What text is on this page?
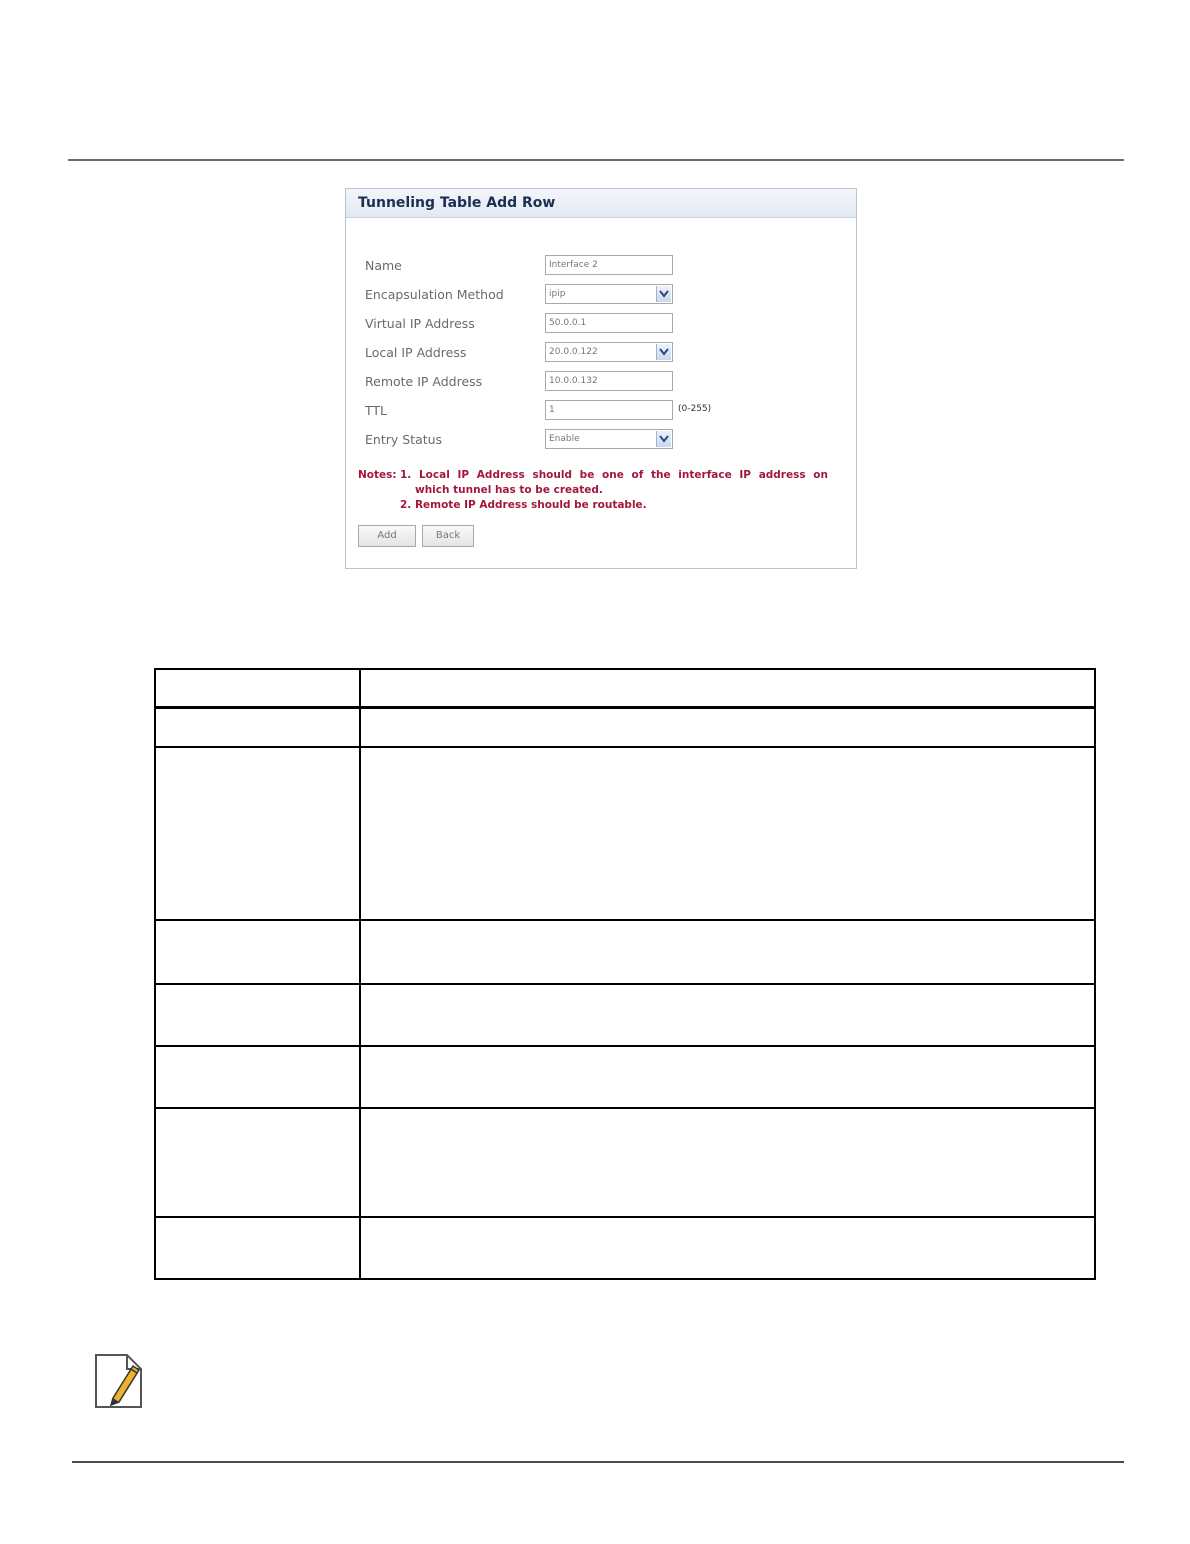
Tunneling Table Add Row
Name	Interface 2
Encapsulation Method	ipip
Virtual IP Address	50.0.0.1
Local IP Address	20.0.0.122
Remote IP Address	10.0.0.132
TTL	1	(0-255)
Entry Status	Enable
Notes: 1. Local IP Address should be one of the interface IP address on
which tunnel has to be created.
2. Remote IP Address should be routable.
Add	Back
